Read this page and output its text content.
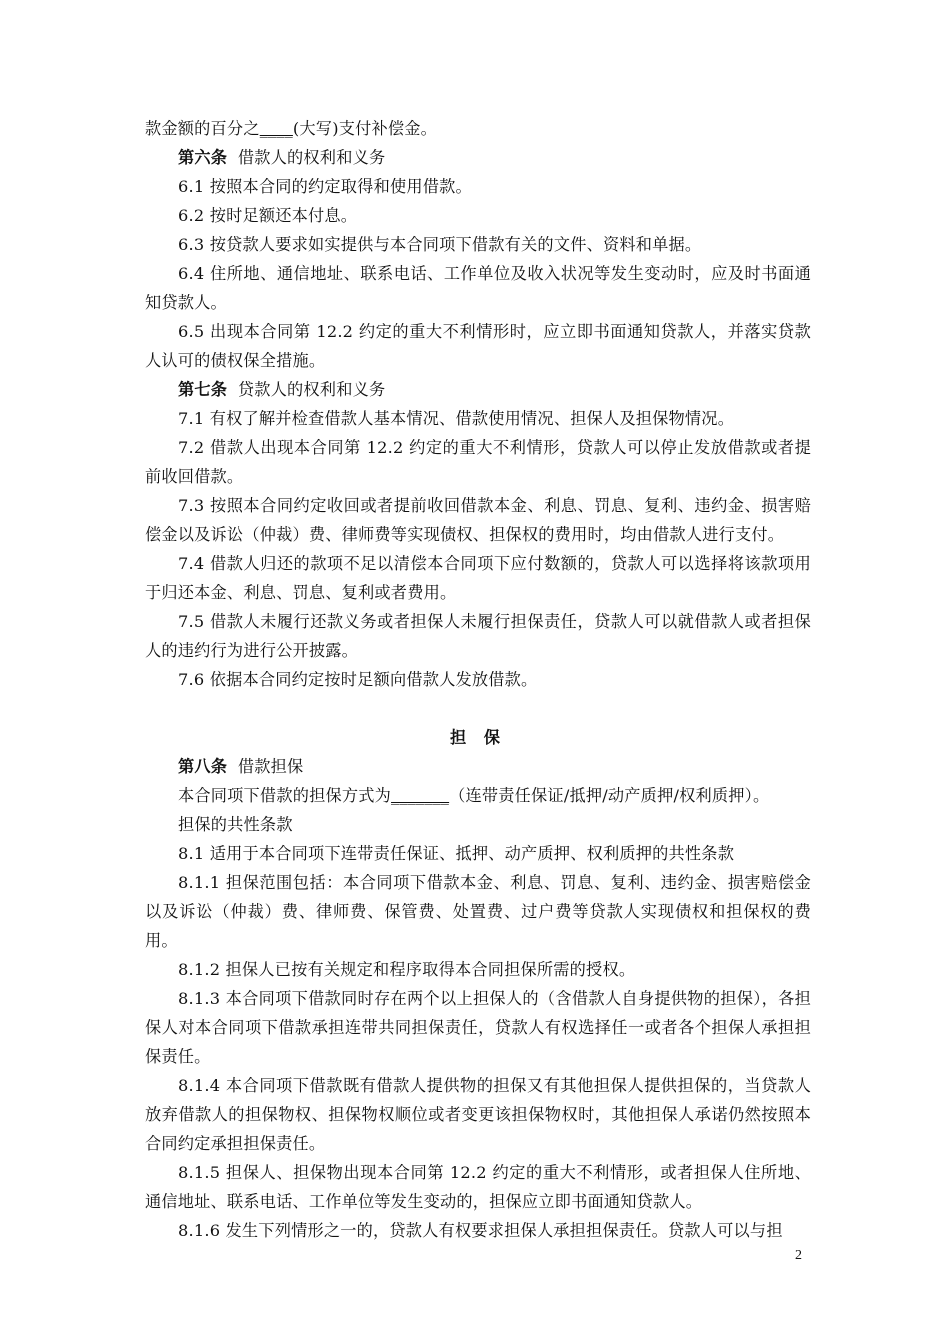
款金额的百分之____(大写)支付补偿金。

第六条 借款人的权利和义务

6.1 按照本合同的约定取得和使用借款。

6.2 按时足额还本付息。

6.3 按贷款人要求如实提供与本合同项下借款有关的文件、资料和单据。

6.4 住所地、通信地址、联系电话、工作单位及收入状况等发生变动时，应及时书面通知贷款人。

6.5 出现本合同第 12.2 约定的重大不利情形时，应立即书面通知贷款人，并落实贷款人认可的债权保全措施。

第七条 贷款人的权利和义务

7.1 有权了解并检查借款人基本情况、借款使用情况、担保人及担保物情况。

7.2 借款人出现本合同第 12.2 约定的重大不利情形，贷款人可以停止发放借款或者提前收回借款。

7.3 按照本合同约定收回或者提前收回借款本金、利息、罚息、复利、违约金、损害赔偿金以及诉讼（仲裁）费、律师费等实现债权、担保权的费用时，均由借款人进行支付。

7.4 借款人归还的款项不足以清偿本合同项下应付数额的，贷款人可以选择将该款项用于归还本金、利息、罚息、复利或者费用。

7.5 借款人未履行还款义务或者担保人未履行担保责任，贷款人可以就借款人或者担保人的违约行为进行公开披露。

7.6 依据本合同约定按时足额向借款人发放借款。

担 保

第八条 借款担保

本合同项下借款的担保方式为_______（连带责任保证/抵押/动产质押/权利质押）。

担保的共性条款

8.1 适用于本合同项下连带责任保证、抵押、动产质押、权利质押的共性条款

8.1.1 担保范围包括：本合同项下借款本金、利息、罚息、复利、违约金、损害赔偿金以及诉讼（仲裁）费、律师费、保管费、处置费、过户费等贷款人实现债权和担保权的费用。

8.1.2 担保人已按有关规定和程序取得本合同担保所需的授权。

8.1.3 本合同项下借款同时存在两个以上担保人的（含借款人自身提供物的担保），各担保人对本合同项下借款承担连带共同担保责任，贷款人有权选择任一或者各个担保人承担担保责任。

8.1.4 本合同项下借款既有借款人提供物的担保又有其他担保人提供担保的，当贷款人放弃借款人的担保物权、担保物权顺位或者变更该担保物权时，其他担保人承诺仍然按照本合同约定承担担保责任。

8.1.5 担保人、担保物出现本合同第 12.2 约定的重大不利情形，或者担保人住所地、通信地址、联系电话、工作单位等发生变动的，担保应立即书面通知贷款人。

8.1.6 发生下列情形之一的，贷款人有权要求担保人承担担保责任。贷款人可以与担

2
